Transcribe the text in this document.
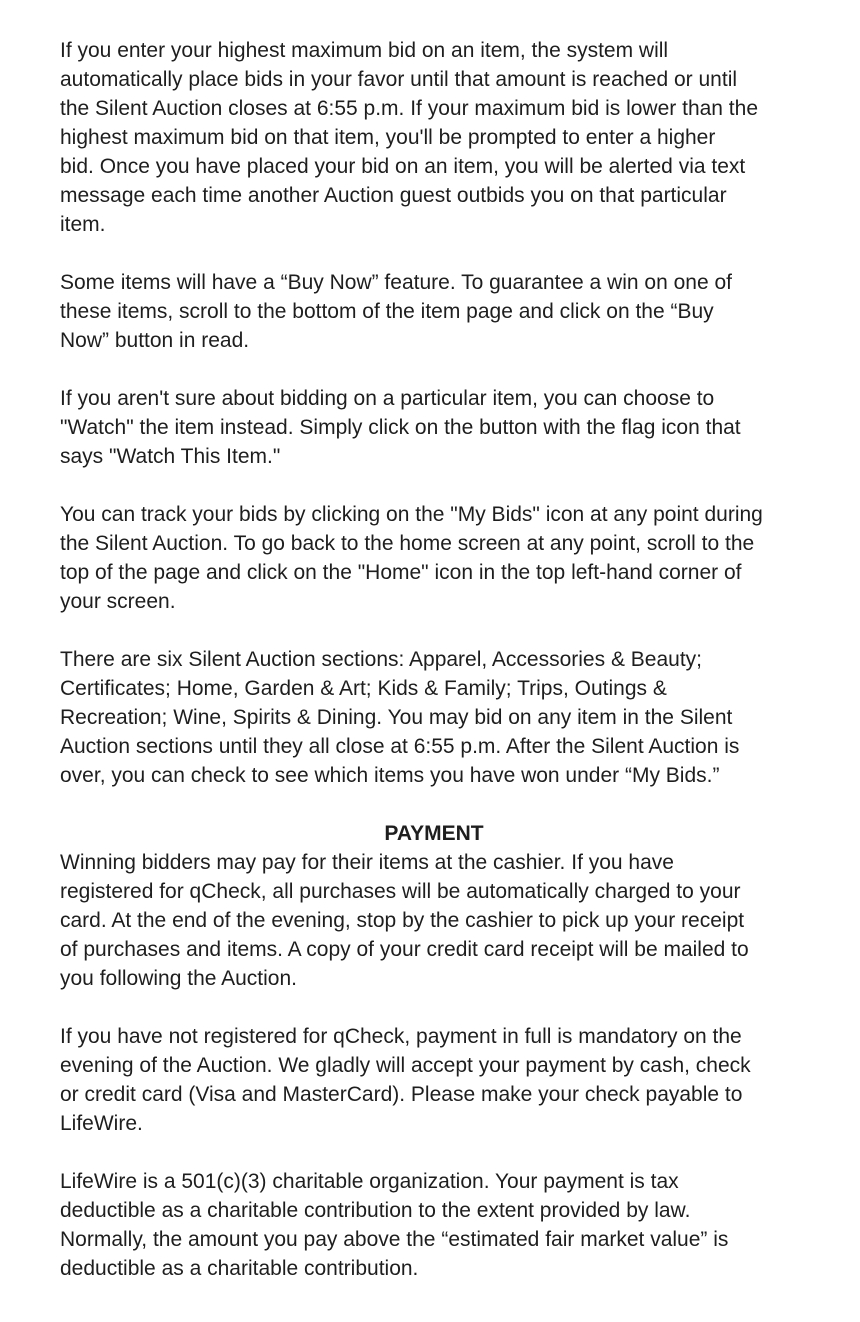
If you enter your highest maximum bid on an item, the system will
automatically place bids in your favor until that amount is reached or until
the Silent Auction closes at 6:55 p.m. If your maximum bid is lower than the
highest maximum bid on that item, you'll be prompted to enter a higher
bid. Once you have placed your bid on an item, you will be alerted via text
message each time another Auction guest outbids you on that particular
item.

Some items will have a “Buy Now” feature. To guarantee a win on one of
these items, scroll to the bottom of the item page and click on the “Buy
Now” button in read.

If you aren't sure about bidding on a particular item, you can choose to
"Watch" the item instead. Simply click on the button with the flag icon that
says "Watch This Item."

You can track your bids by clicking on the "My Bids" icon at any point during
the Silent Auction. To go back to the home screen at any point, scroll to the
top of the page and click on the "Home" icon in the top left-hand corner of
your screen.

There are six Silent Auction sections: Apparel, Accessories & Beauty;
Certificates; Home, Garden & Art; Kids & Family; Trips, Outings &
Recreation; Wine, Spirits & Dining. You may bid on any item in the Silent
Auction sections until they all close at 6:55 p.m. After the Silent Auction is
over, you can check to see which items you have won under “My Bids.”

PAYMENT

Winning bidders may pay for their items at the cashier. If you have
registered for qCheck, all purchases will be automatically charged to your
card. At the end of the evening, stop by the cashier to pick up your receipt
of purchases and items. A copy of your credit card receipt will be mailed to
you following the Auction.

If you have not registered for qCheck, payment in full is mandatory on the
evening of the Auction. We gladly will accept your payment by cash, check
or credit card (Visa and MasterCard). Please make your check payable to
LifeWire.

LifeWire is a 501(c)(3) charitable organization. Your payment is tax
deductible as a charitable contribution to the extent provided by law.
Normally, the amount you pay above the “estimated fair market value” is
deductible as a charitable contribution.
